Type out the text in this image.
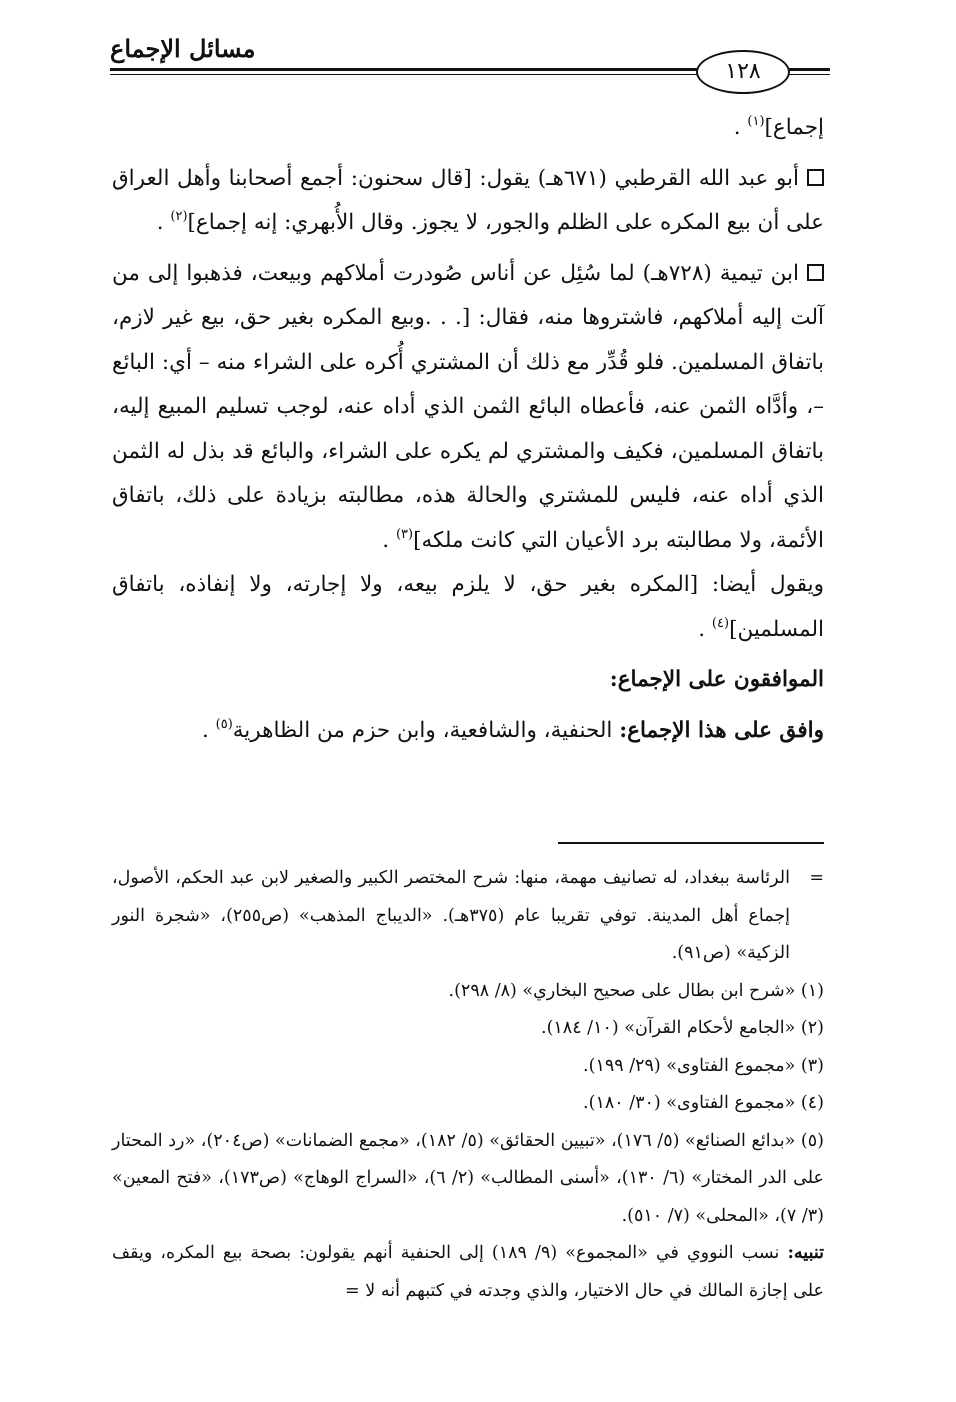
مسائل الإجماع
١٢٨

إجماع]$^{(١)}$ .

أبو عبد الله القرطبي (٦٧١هـ) يقول: [قال سحنون: أجمع أصحابنا وأهل العراق على أن بيع المكره على الظلم والجور، لا يجوز. وقال الأُبهري: إنه إجماع]$^{(٢)}$ .

ابن تيمية (٧٢٨هـ) لما سُئِل عن أناس صُودرت أملاكهم وبيعت، فذهبوا إلى من آلت إليه أملاكهم، فاشتروها منه، فقال: [. . .وبيع المكره بغير حق، بيع غير لازم، باتفاق المسلمين. فلو قُدِّر مع ذلك أن المشتري أُكره على الشراء منه – أي: البائع –، وأدَّاه الثمن عنه، فأعطاه البائع الثمن الذي أداه عنه، لوجب تسليم المبيع إليه، باتفاق المسلمين، فكيف والمشتري لم يكره على الشراء، والبائع قد بذل له الثمن الذي أداه عنه، فليس للمشتري والحالة هذه، مطالبته بزيادة على ذلك، باتفاق الأئمة، ولا مطالبته برد الأعيان التي كانت ملكه]$^{(٣)}$ .

ويقول أيضا: [المكره بغير حق، لا يلزم بيعه، ولا إجارته، ولا إنفاذه، باتفاق المسلمين]$^{(٤)}$ .

الموافقون على الإجماع:

وافق على هذا الإجماع: الحنفية، والشافعية، وابن حزم من الظاهرية$^{(٥)}$ .

=
الرئاسة ببغداد، له تصانيف مهمة، منها: شرح المختصر الكبير والصغير لابن عبد الحكم، الأصول، إجماع أهل المدينة. توفي تقريبا عام (٣٧٥هـ). «الديباج المذهب» (ص٢٥٥)، «شجرة النور الزكية» (ص٩١).

(١) «شرح ابن بطال على صحيح البخاري» (٨/ ٢٩٨).

(٢) «الجامع لأحكام القرآن» (١٠/ ١٨٤).

(٣) «مجموع الفتاوى» (٢٩/ ١٩٩).

(٤) «مجموع الفتاوى» (٣٠/ ١٨٠).

(٥) «بدائع الصنائع» (٥/ ١٧٦)، «تبيين الحقائق» (٥/ ١٨٢)، «مجمع الضمانات» (ص٢٠٤)، «رد المحتار على الدر المختار» (٦/ ١٣٠)، «أسنى المطالب» (٢/ ٦)، «السراج الوهاج» (ص١٧٣)، «فتح المعين» (٣/ ٧)، «المحلى» (٧/ ٥١٠).

تنبيه: نسب النووي في «المجموع» (٩/ ١٨٩) إلى الحنفية أنهم يقولون: بصحة بيع المكره، ويقف على إجازة المالك في حال الاختيار، والذي وجدته في كتبهم أنه لا =
